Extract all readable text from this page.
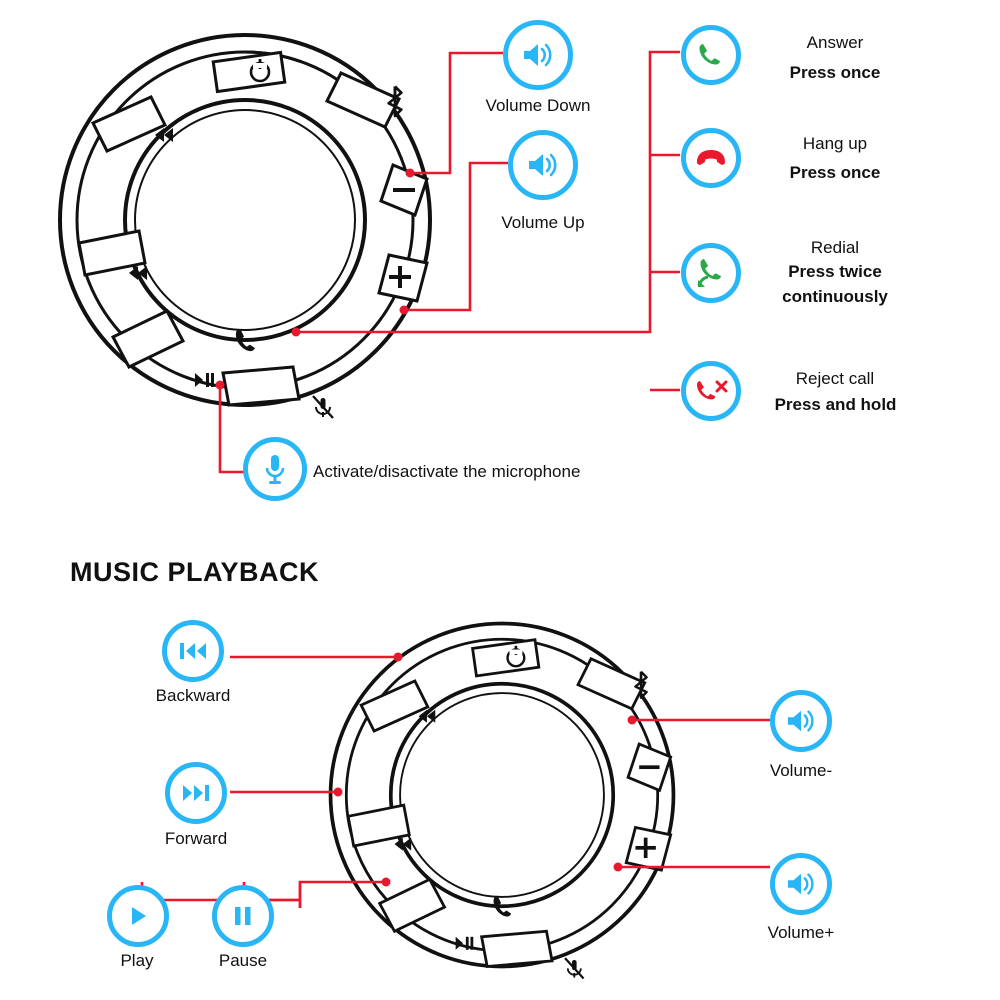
Volume Down
Volume Up
Activate/disactivate the microphone
Answer
Press once
Hang up
Press once
Redial
Press twice
continuously
Reject call
Press and hold
MUSIC PLAYBACK
Backward
Forward
Play	Pause
Volume-
Volume+
